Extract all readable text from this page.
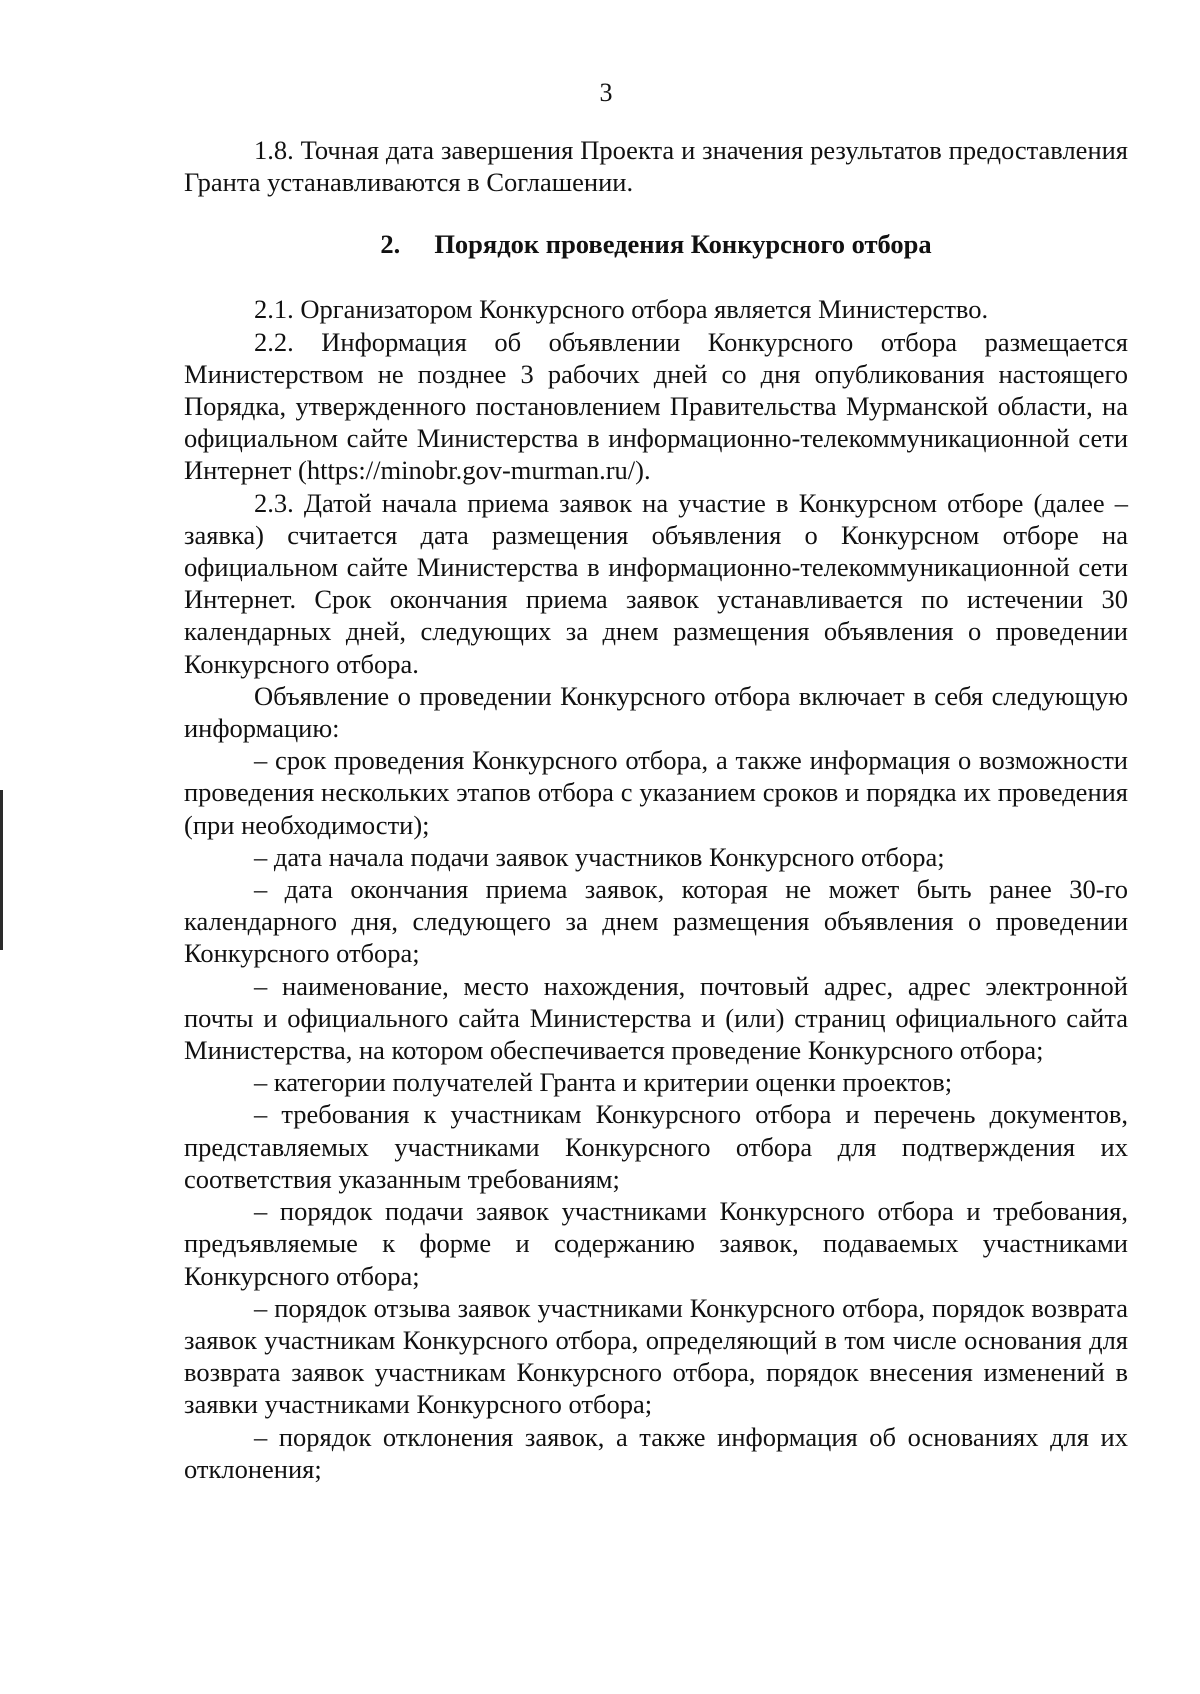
3

1.8. Точная дата завершения Проекта и значения результатов предоставления Гранта устанавливаются в Соглашении.

2. Порядок проведения Конкурсного отбора

2.1. Организатором Конкурсного отбора является Министерство.

2.2. Информация об объявлении Конкурсного отбора размещается Министерством не позднее 3 рабочих дней со дня опубликования настоящего Порядка, утвержденного постановлением Правительства Мурманской области, на официальном сайте Министерства в информационно-телекоммуникационной сети Интернет (https://minobr.gov-murman.ru/).

2.3. Датой начала приема заявок на участие в Конкурсном отборе (далее – заявка) считается дата размещения объявления о Конкурсном отборе на официальном сайте Министерства в информационно-телекоммуникационной сети Интернет. Срок окончания приема заявок устанавливается по истечении 30 календарных дней, следующих за днем размещения объявления о проведении Конкурсного отбора.

Объявление о проведении Конкурсного отбора включает в себя следующую информацию:

– срок проведения Конкурсного отбора, а также информация о возможности проведения нескольких этапов отбора с указанием сроков и порядка их проведения (при необходимости);

– дата начала подачи заявок участников Конкурсного отбора;

– дата окончания приема заявок, которая не может быть ранее 30-го календарного дня, следующего за днем размещения объявления о проведении Конкурсного отбора;

– наименование, место нахождения, почтовый адрес, адрес электронной почты и официального сайта Министерства и (или) страниц официального сайта Министерства, на котором обеспечивается проведение Конкурсного отбора;

– категории получателей Гранта и критерии оценки проектов;

– требования к участникам Конкурсного отбора и перечень документов, представляемых участниками Конкурсного отбора для подтверждения их соответствия указанным требованиям;

– порядок подачи заявок участниками Конкурсного отбора и требования, предъявляемые к форме и содержанию заявок, подаваемых участниками Конкурсного отбора;

– порядок отзыва заявок участниками Конкурсного отбора, порядок возврата заявок участникам Конкурсного отбора, определяющий в том числе основания для возврата заявок участникам Конкурсного отбора, порядок внесения изменений в заявки участниками Конкурсного отбора;

– порядок отклонения заявок, а также информация об основаниях для их отклонения;
